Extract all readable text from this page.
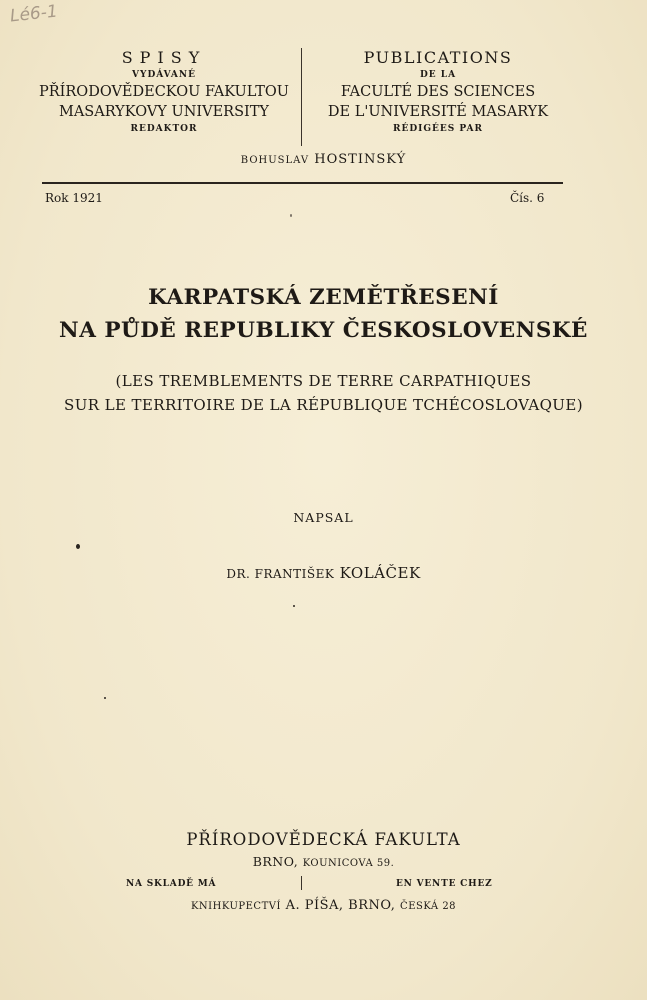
Lé6-1
SPISY
VYDÁVANÉ
PŘÍRODOVĚDECKOU FAKULTOU
MASARYKOVY UNIVERSITY
REDAKTOR
PUBLICATIONS
DE LA
FACULTÉ DES SCIENCES
DE L'UNIVERSITÉ MASARYK
RÉDIGÉES PAR
BOHUSLAV HOSTINSKÝ
Rok 1921	Čís. 6
KARPATSKÁ ZEMĚTŘESENÍ
NA PŮDĚ REPUBLIKY ČESKOSLOVENSKÉ
(LES TREMBLEMENTS DE TERRE CARPATHIQUES
SUR LE TERRITOIRE DE LA RÉPUBLIQUE TCHÉCOSLOVAQUE)
NAPSAL
DR. FRANTIŠEK KOLÁČEK
PŘÍRODOVĚDECKÁ FAKULTA
BRNO, KOUNICOVA 59.
NA SKLADĚ MÁ	EN VENTE CHEZ
KNIHKUPECTVÍ A. PÍŠA, BRNO, ČESKÁ 28
